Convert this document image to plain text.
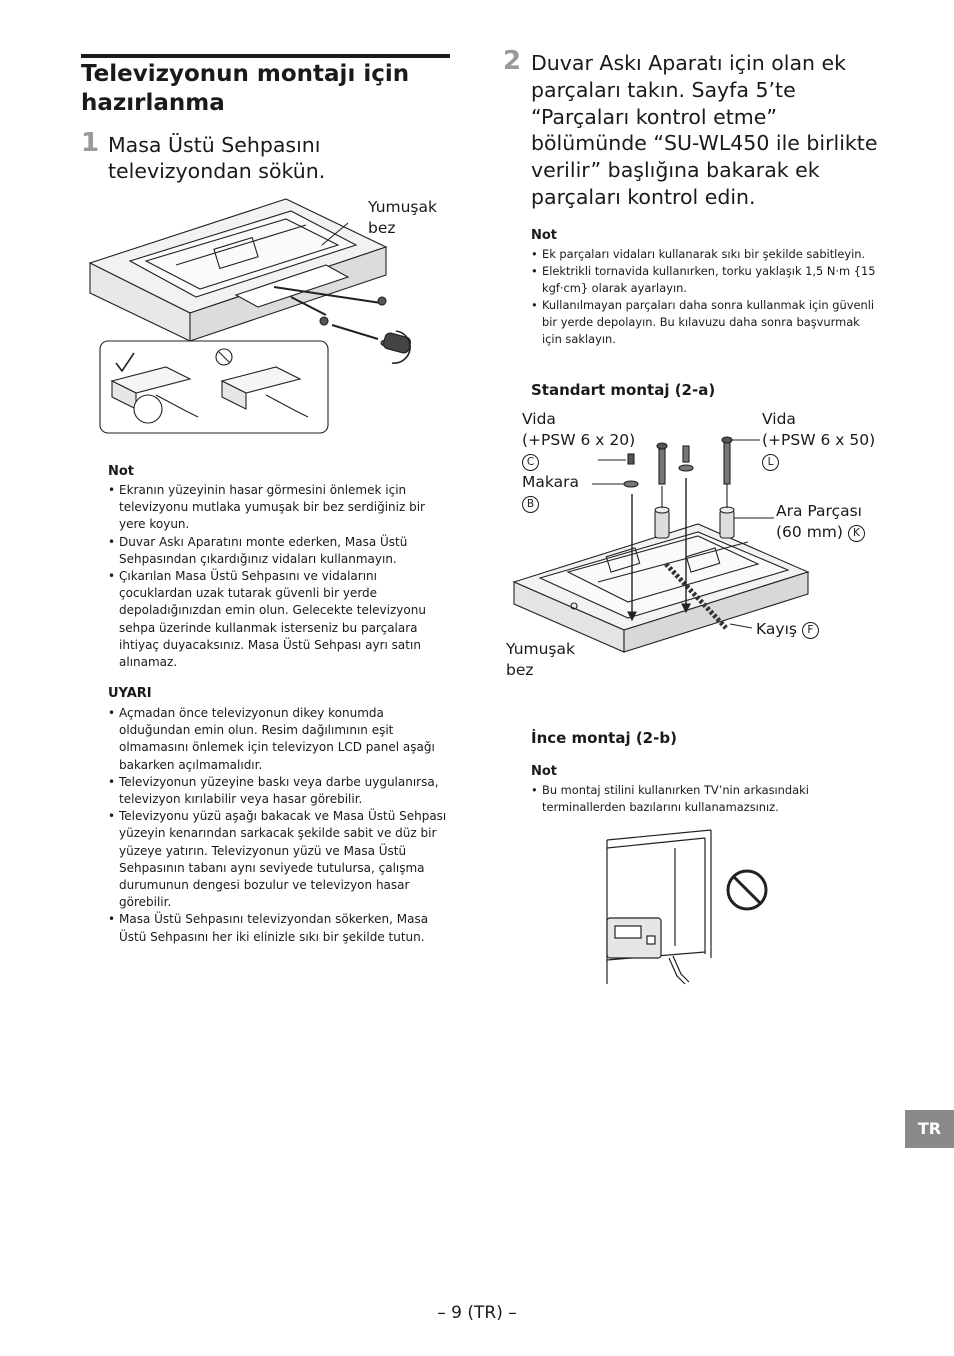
Televizyonun montajı için hazırlanma
1 Masa Üstü Sehpasını televizyondan sökün.
Yumuşak bez
Not
• Ekranın yüzeyinin hasar görmesini önlemek için televizyonu mutlaka yumuşak bir bez serdiğiniz bir yere koyun.
• Duvar Askı Aparatını monte ederken, Masa Üstü Sehpasından çıkardığınız vidaları kullanmayın.
• Çıkarılan Masa Üstü Sehpasını ve vidalarını çocuklardan uzak tutarak güvenli bir yerde depoladığınızdan emin olun. Gelecekte televizyonu sehpa üzerinde kullanmak isterseniz bu parçalara ihtiyaç duyacaksınız. Masa Üstü Sehpası ayrı satın alınamaz.
UYARI
• Açmadan önce televizyonun dikey konumda olduğundan emin olun. Resim dağılımının eşit olmamasını önlemek için televizyon LCD panel aşağı bakarken açılmamalıdır.
• Televizyonun yüzeyine baskı veya darbe uygulanırsa, televizyon kırılabilir veya hasar görebilir.
• Televizyonu yüzü aşağı bakacak ve Masa Üstü Sehpası yüzeyin kenarından sarkacak şekilde sabit ve düz bir yüzeye yatırın. Televizyonun yüzü ve Masa Üstü Sehpasının tabanı aynı seviyede tutulursa, çalışma durumunun dengesi bozulur ve televizyon hasar görebilir.
• Masa Üstü Sehpasını televizyondan sökerken, Masa Üstü Sehpasını her iki elinizle sıkı bir şekilde tutun.
2 Duvar Askı Aparatı için olan ek parçaları takın. Sayfa 5’te “Parçaları kontrol etme” bölümünde “SU-WL450 ile birlikte verilir” başlığına bakarak ek parçaları kontrol edin.
Not
• Ek parçaları vidaları kullanarak sıkı bir şekilde sabitleyin.
• Elektrikli tornavida kullanırken, torku yaklaşık 1,5 N·m {15 kgf·cm} olarak ayarlayın.
• Kullanılmayan parçaları daha sonra kullanmak için güvenli bir yerde depolayın. Bu kılavuzu daha sonra başvurmak için saklayın.
Standart montaj (2-a)
Vida
(+PSW 6 x 20)
C
Makara
B
Vida
(+PSW 6 x 50)
L
Ara Parçası
(60 mm) K
Kayış F
Yumuşak
bez
İnce montaj (2-b)
Not
• Bu montaj stilini kullanırken TV’nin arkasındaki terminallerden bazılarını kullanamazsınız.
TR
– 9 (TR) –
